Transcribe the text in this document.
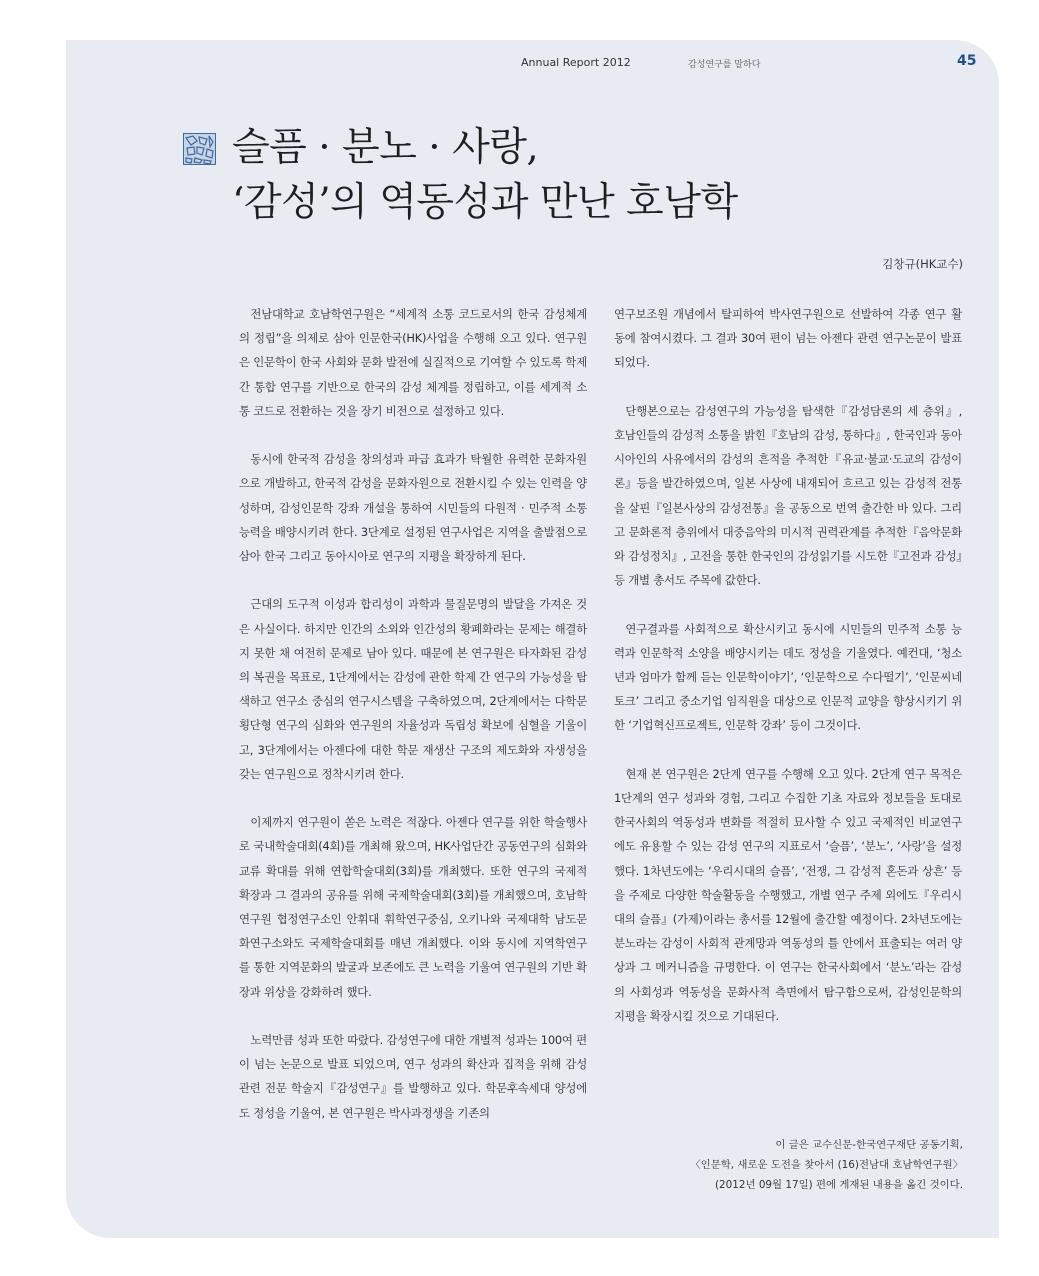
Annual Report 2012	감성연구를 말하다	45
슬픔 · 분노 · 사랑,
‘감성’의 역동성과 만난 호남학
김창규(HK교수)

전남대학교 호남학연구원은 “세계적 소통 코드로서의 한국 감성체계의 정립”을 의제로 삼아 인문한국(HK)사업을 수행해 오고 있다. 연구원은 인문학이 한국 사회와 문화 발전에 실질적으로 기여할 수 있도록 학제 간 통합 연구를 기반으로 한국의 감성 체계를 정립하고, 이를 세계적 소통 코드로 전환하는 것을 장기 비전으로 설정하고 있다.

동시에 한국적 감성을 창의성과 파급 효과가 탁월한 유력한 문화자원으로 개발하고, 한국적 감성을 문화자원으로 전환시킬 수 있는 인력을 양성하며, 감성인문학 강좌 개설을 통하여 시민들의 다원적 · 민주적 소통 능력을 배양시키려 한다. 3단계로 설정된 연구사업은 지역을 출발점으로 삼아 한국 그리고 동아시아로 연구의 지평을 확장하게 된다.

근대의 도구적 이성과 합리성이 과학과 물질문명의 발달을 가져온 것은 사실이다. 하지만 인간의 소외와 인간성의 황폐화라는 문제는 해결하지 못한 채 여전히 문제로 남아 있다. 때문에 본 연구원은 타자화된 감성의 복권을 목표로, 1단계에서는 감성에 관한 학제 간 연구의 가능성을 탐색하고 연구소 중심의 연구시스템을 구축하였으며, 2단계에서는 다학문 횡단형 연구의 심화와 연구원의 자율성과 독립성 확보에 심혈을 기울이고, 3단계에서는 아젠다에 대한 학문 재생산 구조의 제도화와 자생성을 갖는 연구원으로 정착시키려 한다.

이제까지 연구원이 쏟은 노력은 적잖다. 아젠다 연구를 위한 학술행사로 국내학술대회(4회)를 개최해 왔으며, HK사업단간 공동연구의 심화와 교류 확대를 위해 연합학술대회(3회)를 개최했다. 또한 연구의 국제적 확장과 그 결과의 공유를 위해 국제학술대회(3회)를 개최했으며, 호남학연구원 협정연구소인 안휘대 휘학연구중심, 오키나와 국제대학 남도문화연구소와도 국제학술대회를 매년 개최했다. 이와 동시에 지역학연구를 통한 지역문화의 발굴과 보존에도 큰 노력을 기울여 연구원의 기반 확장과 위상을 강화하려 했다.

노력만큼 성과 또한 따랐다. 감성연구에 대한 개별적 성과는 100여 편이 넘는 논문으로 발표 되었으며, 연구 성과의 확산과 집적을 위해 감성관련 전문 학술지『감성연구』를 발행하고 있다. 학문후속세대 양성에도 정성을 기울여, 본 연구원은 박사과정생을 기존의

연구보조원 개념에서 탈피하여 박사연구원으로 선발하여 각종 연구 활동에 참여시켰다. 그 결과 30여 편이 넘는 아젠다 관련 연구논문이 발표되었다.

단행본으로는 감성연구의 가능성을 탐색한『감성담론의 세 층위』, 호남인들의 감성적 소통을 밝힌『호남의 감성, 통하다』, 한국인과 동아시아인의 사유에서의 감성의 흔적을 추적한『유교·불교·도교의 감성이론』등을 발간하였으며, 일본 사상에 내재되어 흐르고 있는 감성적 전통을 살핀『일본사상의 감성전통』을 공동으로 번역 출간한 바 있다. 그리고 문화론적 층위에서 대중음악의 미시적 권력관계를 추적한『음악문화와 감성정치』, 고전을 통한 한국인의 감성읽기를 시도한『고전과 감성』등 개별 총서도 주목에 값한다.

연구결과를 사회적으로 확산시키고 동시에 시민들의 민주적 소통 능력과 인문학적 소양을 배양시키는 데도 정성을 기울였다. 예컨대, ‘청소년과 엄마가 함께 듣는 인문학이야기’, ‘인문학으로 수다떨기’, ‘인문씨네토크’ 그리고 중소기업 임직원을 대상으로 인문적 교양을 향상시키기 위한 ‘기업혁신프로젝트, 인문학 강좌’ 등이 그것이다.

현재 본 연구원은 2단계 연구를 수행해 오고 있다. 2단계 연구 목적은 1단계의 연구 성과와 경험, 그리고 수집한 기초 자료와 정보들을 토대로 한국사회의 역동성과 변화를 적절히 묘사할 수 있고 국제적인 비교연구에도 유용할 수 있는 감성 연구의 지표로서 ‘슬픔’, ‘분노’, ‘사랑’을 설정했다. 1차년도에는 ‘우리시대의 슬픔’, ‘전쟁, 그 감성적 혼돈과 상흔’ 등을 주제로 다양한 학술활동을 수행했고, 개별 연구 주제 외에도『우리시대의 슬픔』(가제)이라는 총서를 12월에 출간할 예정이다. 2차년도에는 분노라는 감성이 사회적 관계망과 역동성의 틀 안에서 표출되는 여러 양상과 그 메커니즘을 규명한다. 이 연구는 한국사회에서 ‘분노’라는 감성의 사회성과 역동성을 문화사적 측면에서 탐구함으로써, 감성인문학의 지평을 확장시킬 것으로 기대된다.

이 글은 교수신문-한국연구재단 공동기획,
〈인문학, 새로운 도전을 찾아서 (16)전남대 호남학연구원〉
(2012년 09월 17일) 편에 게재된 내용을 옮긴 것이다.
